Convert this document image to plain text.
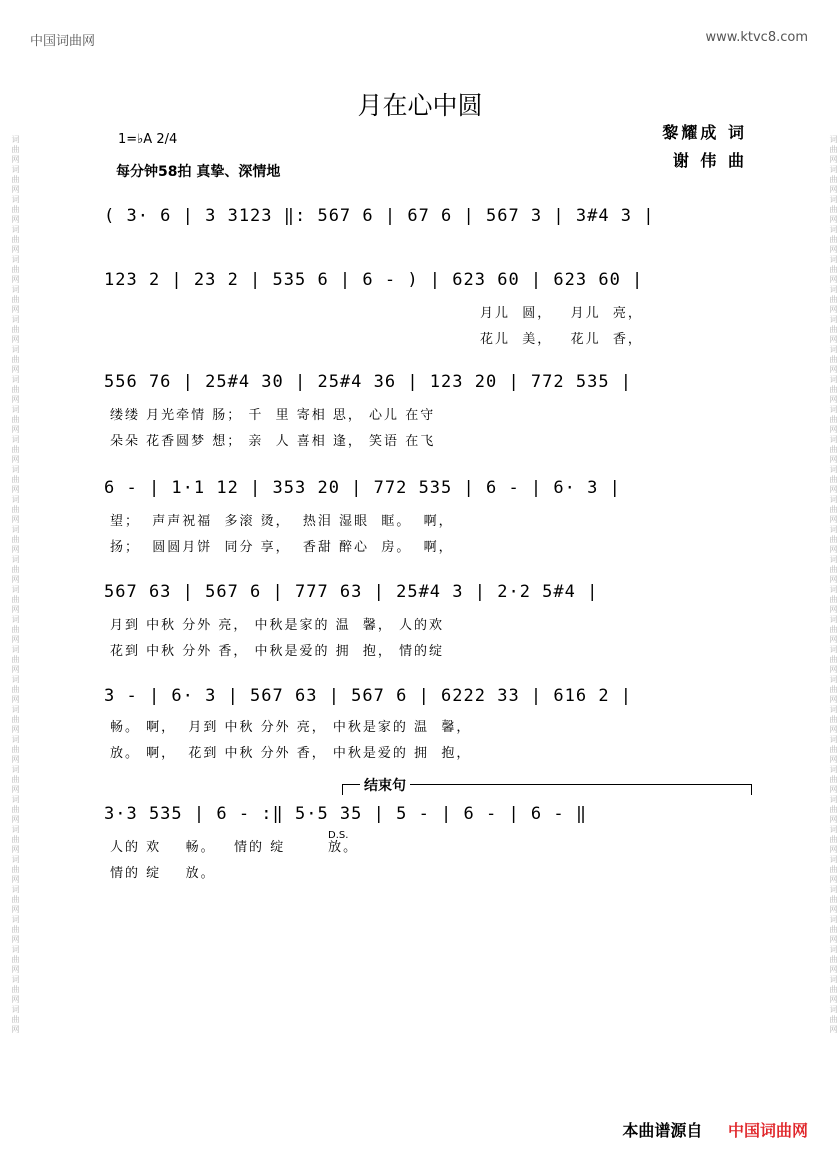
词曲网词曲网词曲网词曲网词曲网词曲网词曲网词曲网词曲网词曲网词曲网词曲网词曲网词曲网词曲网词曲网词曲网词曲网词曲网词曲网词曲网词曲网词曲网词曲网词曲网词曲网词曲网词曲网词曲网词曲网	词曲网词曲网词曲网词曲网词曲网词曲网词曲网词曲网词曲网词曲网词曲网词曲网词曲网词曲网词曲网词曲网词曲网词曲网词曲网词曲网词曲网词曲网词曲网词曲网词曲网词曲网词曲网词曲网词曲网词曲网
中国词曲网	www.ktvc8.com
月在心中圆
黎耀成 词
谢 伟 曲
1=♭A 2/4
每分钟58拍 真挚、深情地
( 3· 6 | 3 3123 ‖: 567 6 | 67 6 | 567 3 | 3#4 3 |
123 2 | 23 2 | 535 6 | 6 - ) | 623 60 | 623 60 |
556 76 | 25#4 30 | 25#4 36 | 123 20 | 772 535 |
6 - | 1·1 12 | 353 20 | 772 535 | 6 - | 6· 3 |
567 63 | 567 6 | 777 63 | 25#4 3 | 2·2 5#4 |
3 - | 6· 3 | 567 63 | 567 6 | 6222 33 | 616 2 |
3·3 535 | 6 - :‖ 5·5 35 | 5 - | 6 - | 6 - ‖
月儿  圆，   月儿  亮，
花儿  美，   花儿  香，
缕缕 月光牵情 肠； 千  里 寄相 思， 心儿 在守
朵朵 花香圆梦 想； 亲  人 喜相 逢， 笑语 在飞
望；  声声祝福  多滚 烫，  热泪 湿眼  眶。  啊，
扬；  圆圆月饼  同分 享，  香甜 醉心  房。  啊，
月到 中秋 分外 亮， 中秋是家的 温  馨， 人的欢
花到 中秋 分外 香， 中秋是爱的 拥  抱， 情的绽
畅。 啊，  月到 中秋 分外 亮， 中秋是家的 温  馨，
放。 啊，  花到 中秋 分外 香， 中秋是爱的 拥  抱，
人的 欢    畅。   情的 绽       放。
情的 绽    放。
结束句
D.S.
本曲谱源自 中国词曲网
